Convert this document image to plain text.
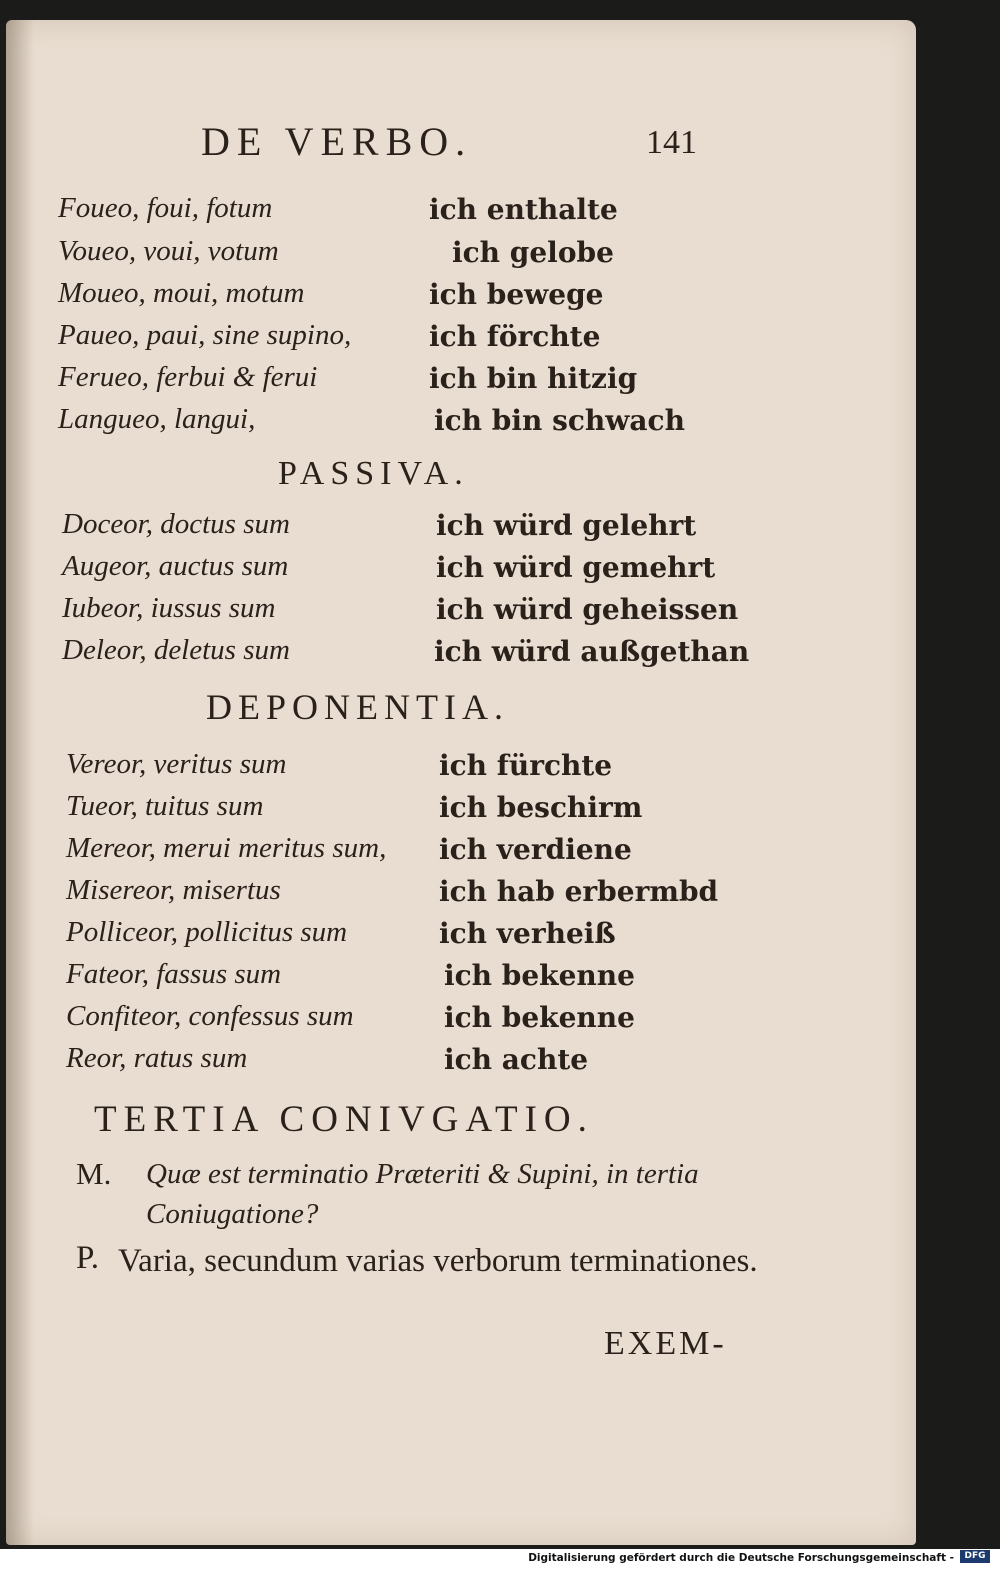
DE VERBO.	141
Foueo, foui, fotum	ich enthalte
Voueo, voui, votum	ich gelobe
Moueo, moui, motum	ich bewege
Paueo, paui, sine supino,	ich förchte
Ferueo, ferbui & ferui	ich bin hitzig
Langueo, langui,	ich bin schwach
PASSIVA.
Doceor, doctus sum	ich würd gelehrt
Augeor, auctus sum	ich würd gemehrt
Iubeor, iussus sum	ich würd geheissen
Deleor, deletus sum	ich würd außgethan
DEPONENTIA.
Vereor, veritus sum	ich fürchte
Tueor, tuitus sum	ich beschirm
Mereor, merui meritus sum, ich verdiene
Misereor, misertus	ich hab erbermbd
Polliceor, pollicitus sum	ich verheiß
Fateor, fassus sum	ich bekenne
Confiteor, confessus sum	ich bekenne
Reor, ratus sum	ich achte
TERTIA CONIVGATIO.
M. Quæ est terminatio Præteriti & Supini, in tertia Coniugatione?
P. Varia, secundum varias verborum terminationes.
EXEM-
Digitalisierung gefördert durch die Deutsche Forschungsgemeinschaft -	DFG
